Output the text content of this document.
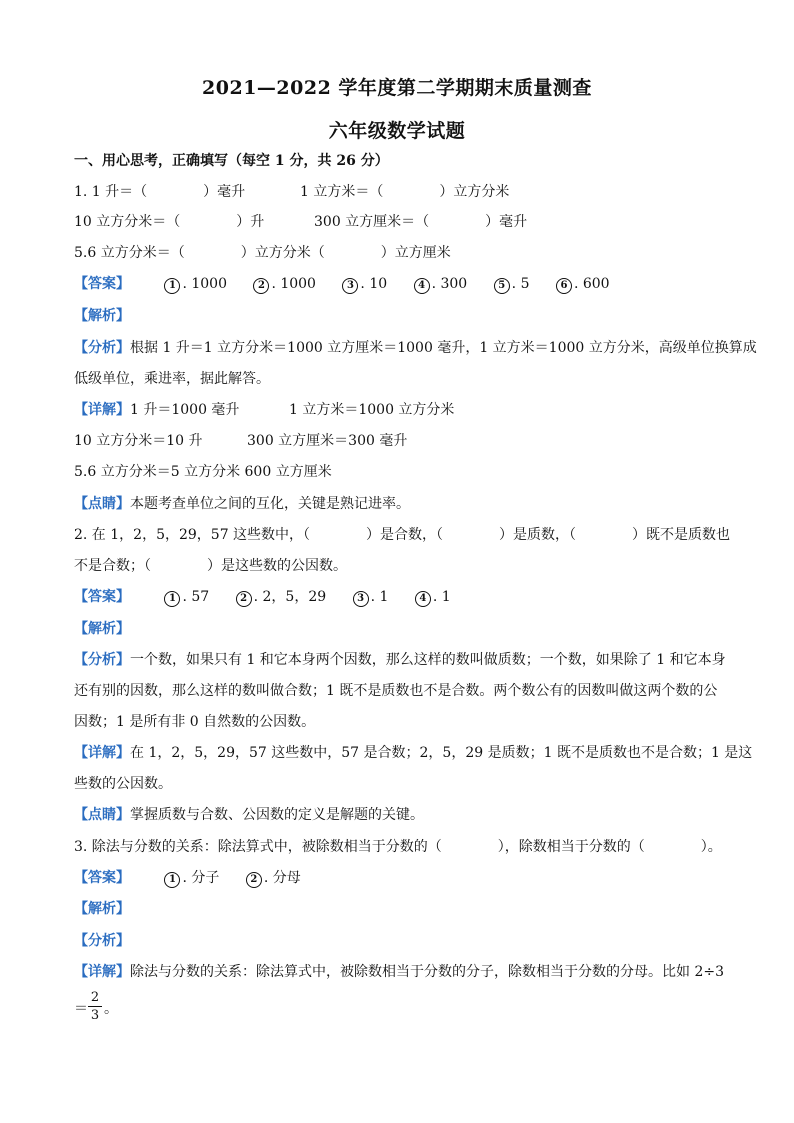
2021—2022 学年度第二学期期末质量测查
六年级数学试题
一、用心思考，正确填写（每空 1 分，共 26 分）
1. 1 升＝（　　　　）毫升	1 立方米＝（　　　　）立方分米
10 立方分米＝（　　　　）升	300 立方厘米＝（　　　　）毫升
5.6 立方分米＝（　　　　）立方分米（　　　　）立方厘米
【答案】	1 . 1000	2 . 1000	3 . 10	4 . 300	5 . 5	6 . 600
【解析】
【分析】根据 1 升＝1 立方分米＝1000 立方厘米＝1000 毫升，1 立方米＝1000 立方分米，高级单位换算成
低级单位，乘进率，据此解答。
【详解】1 升＝1000 毫升	1 立方米＝1000 立方分米
10 立方分米＝10 升	300 立方厘米＝300 毫升
5.6 立方分米＝5 立方分米 600 立方厘米
【点睛】本题考查单位之间的互化，关键是熟记进率。
2. 在 1，2，5，29，57 这些数中，（　　　　）是合数，（　　　　）是质数，（　　　　）既不是质数也
不是合数；（　　　　）是这些数的公因数。
【答案】	1 . 57	2 . 2，5，29	3 . 1	4 . 1
【解析】
【分析】一个数，如果只有 1 和它本身两个因数，那么这样的数叫做质数；一个数，如果除了 1 和它本身
还有别的因数，那么这样的数叫做合数；1 既不是质数也不是合数。两个数公有的因数叫做这两个数的公
因数；1 是所有非 0 自然数的公因数。
【详解】在 1，2，5，29，57 这些数中，57 是合数；2，5，29 是质数；1 既不是质数也不是合数；1 是这
些数的公因数。
【点睛】掌握质数与合数、公因数的定义是解题的关键。
3. 除法与分数的关系：除法算式中，被除数相当于分数的（　　　　），除数相当于分数的（　　　　）。
【答案】	1 . 分子	2 . 分母
【解析】
【分析】
【详解】除法与分数的关系：除法算式中，被除数相当于分数的分子，除数相当于分数的分母。比如 2÷3
＝
2
3 。
